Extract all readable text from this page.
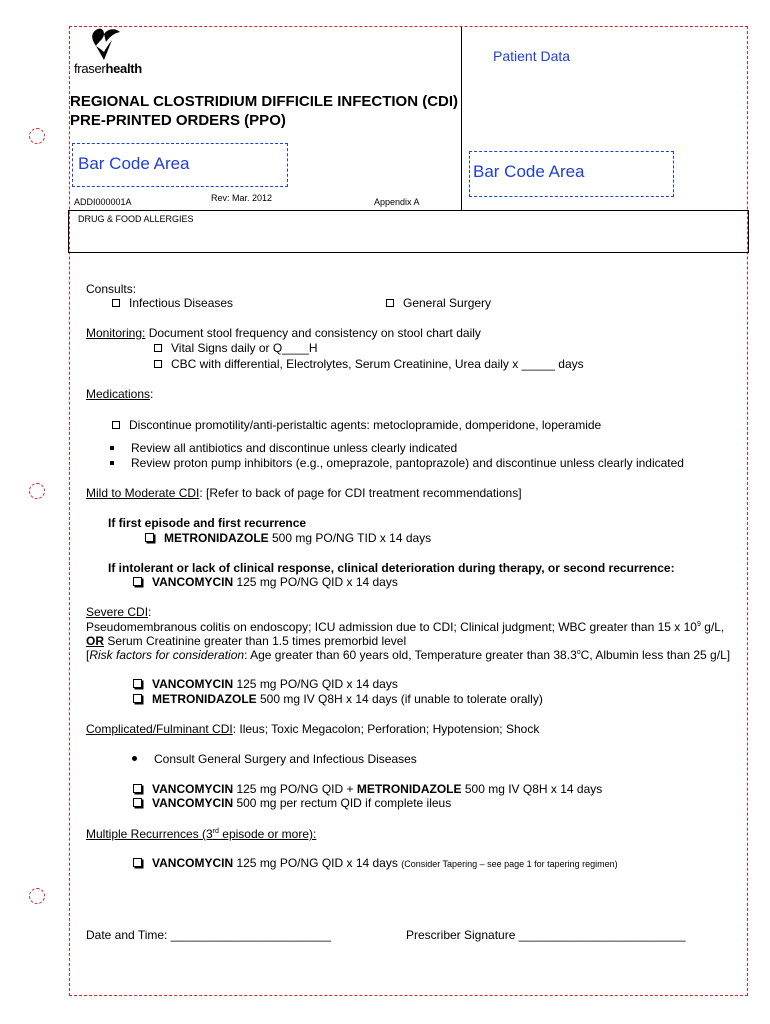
fraserhealth
Patient Data
REGIONAL CLOSTRIDIUM DIFFICILE INFECTION (CDI)
PRE-PRINTED ORDERS (PPO)
Bar Code Area	Bar Code Area
ADDI000001A	Rev: Mar. 2012	Appendix A
DRUG & FOOD ALLERGIES
Consults:
Infectious Diseases	General Surgery
Monitoring: Document stool frequency and consistency on stool chart daily
Vital Signs daily or Q____H
CBC with differential, Electrolytes, Serum Creatinine, Urea daily x _____ days
Medications:
Discontinue promotility/anti-peristaltic agents: metoclopramide, domperidone, loperamide
Review all antibiotics and discontinue unless clearly indicated
Review proton pump inhibitors (e.g., omeprazole, pantoprazole) and discontinue unless clearly indicated
Mild to Moderate CDI: [Refer to back of page for CDI treatment recommendations]
If first episode and first recurrence
METRONIDAZOLE 500 mg PO/NG TID x 14 days
If intolerant or lack of clinical response, clinical deterioration during therapy, or second recurrence:
VANCOMYCIN 125 mg PO/NG QID x 14 days
Severe CDI:
Pseudomembranous colitis on endoscopy; ICU admission due to CDI; Clinical judgment; WBC greater than 15 x $10^9$ g/L,
OR Serum Creatinine greater than 1.5 times premorbid level
[Risk factors for consideration: Age greater than 60 years old, Temperature greater than 38.3$^o$C, Albumin less than 25 g/L]
VANCOMYCIN 125 mg PO/NG QID x 14 days
METRONIDAZOLE 500 mg IV Q8H x 14 days (if unable to tolerate orally)
Complicated/Fulminant CDI: Ileus; Toxic Megacolon; Perforation; Hypotension; Shock
Consult General Surgery and Infectious Diseases
VANCOMYCIN 125 mg PO/NG QID + METRONIDAZOLE 500 mg IV Q8H x 14 days
VANCOMYCIN 500 mg per rectum QID if complete ileus
Multiple Recurrences (3rd episode or more):
VANCOMYCIN 125 mg PO/NG QID x 14 days (Consider Tapering – see page 1 for tapering regimen)
Date and Time: ________________________	Prescriber Signature _________________________
